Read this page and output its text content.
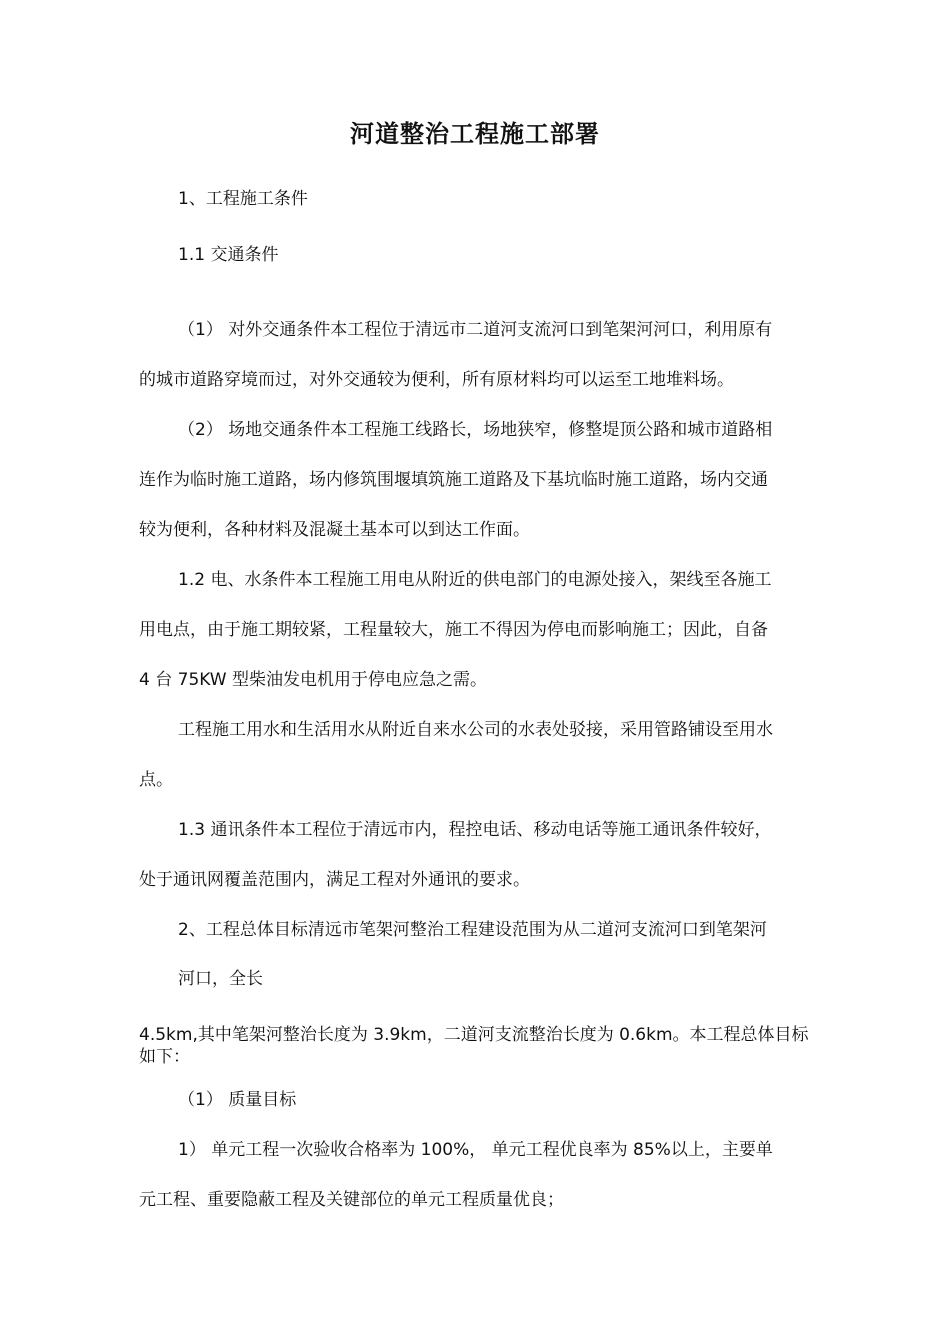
河道整治工程施工部署
1、工程施工条件
1.1 交通条件
（1） 对外交通条件本工程位于清远市二道河支流河口到笔架河河口，利用原有
的城市道路穿境而过，对外交通较为便利，所有原材料均可以运至工地堆料场。
（2） 场地交通条件本工程施工线路长，场地狭窄，修整堤顶公路和城市道路相
连作为临时施工道路，场内修筑围堰填筑施工道路及下基坑临时施工道路，场内交通
较为便利，各种材料及混凝土基本可以到达工作面。
1.2 电、水条件本工程施工用电从附近的供电部门的电源处接入，架线至各施工
用电点，由于施工期较紧，工程量较大，施工不得因为停电而影响施工；因此，自备
4 台 75KW 型柴油发电机用于停电应急之需。
工程施工用水和生活用水从附近自来水公司的水表处驳接，采用管路铺设至用水
点。
1.3 通讯条件本工程位于清远市内，程控电话、移动电话等施工通讯条件较好，
处于通讯网覆盖范围内，满足工程对外通讯的要求。
2、工程总体目标清远市笔架河整治工程建设范围为从二道河支流河口到笔架河
河口，全长
4.5km,其中笔架河整治长度为 3.9km，二道河支流整治长度为 0.6km。本工程总体目标如下：
（1） 质量目标
1） 单元工程一次验收合格率为 100%， 单元工程优良率为 85%以上，主要单
元工程、重要隐蔽工程及关键部位的单元工程质量优良；
